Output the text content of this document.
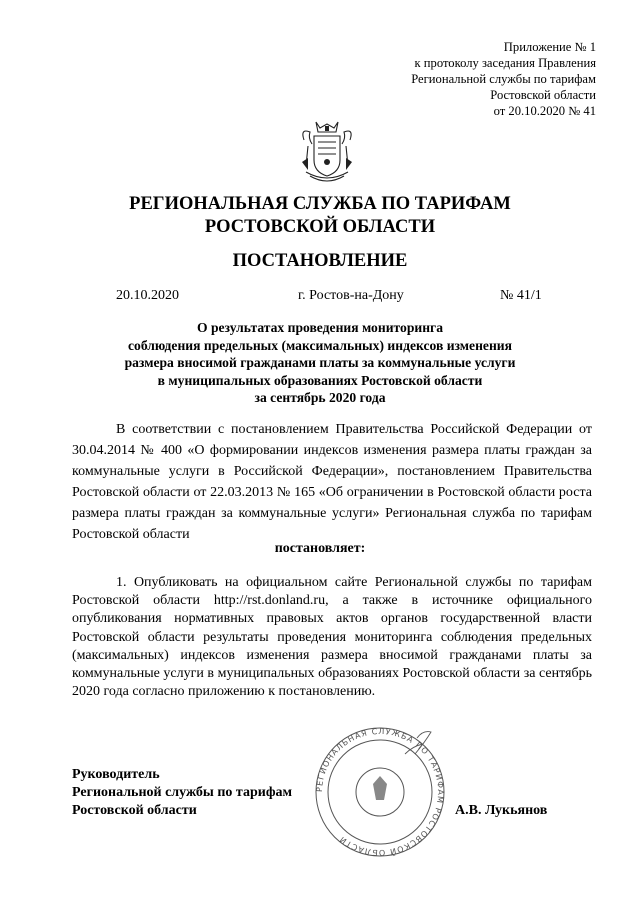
Приложение № 1
к протоколу заседания Правления
Региональной службы по тарифам
Ростовской области
от 20.10.2020 № 41
РЕГИОНАЛЬНАЯ СЛУЖБА ПО ТАРИФАМ
РОСТОВСКОЙ ОБЛАСТИ
ПОСТАНОВЛЕНИЕ
20.10.2020	г. Ростов-на-Дону	№ 41/1
О результатах проведения мониторинга
соблюдения предельных (максимальных) индексов изменения
размера вносимой гражданами платы за коммунальные услуги
в муниципальных образованиях Ростовской области
за сентябрь 2020 года

В соответствии с постановлением Правительства Российской Федерации от 30.04.2014 № 400 «О формировании индексов изменения размера платы граждан за коммунальные услуги в Российской Федерации», постановлением Правительства Ростовской области от 22.03.2013 № 165 «Об ограничении в Ростовской области роста размера платы граждан за коммунальные услуги» Региональная служба по тарифам Ростовской области

постановляет:

1. Опубликовать на официальном сайте Региональной службы по тарифам Ростовской области http://rst.donland.ru, а также в источнике официального опубликования нормативных правовых актов органов государственной власти Ростовской области результаты проведения мониторинга соблюдения предельных (максимальных) индексов изменения размера вносимой гражданами платы за коммунальные услуги в муниципальных образованиях Ростовской области за сентябрь 2020 года согласно приложению к постановлению.

РЕГИОНАЛЬНАЯ СЛУЖБА ПО ТАРИФАМ РОСТОВСКОЙ ОБЛАСТИ
Руководитель
Региональной службы по тарифам
Ростовской области	А.В. Лукьянов
